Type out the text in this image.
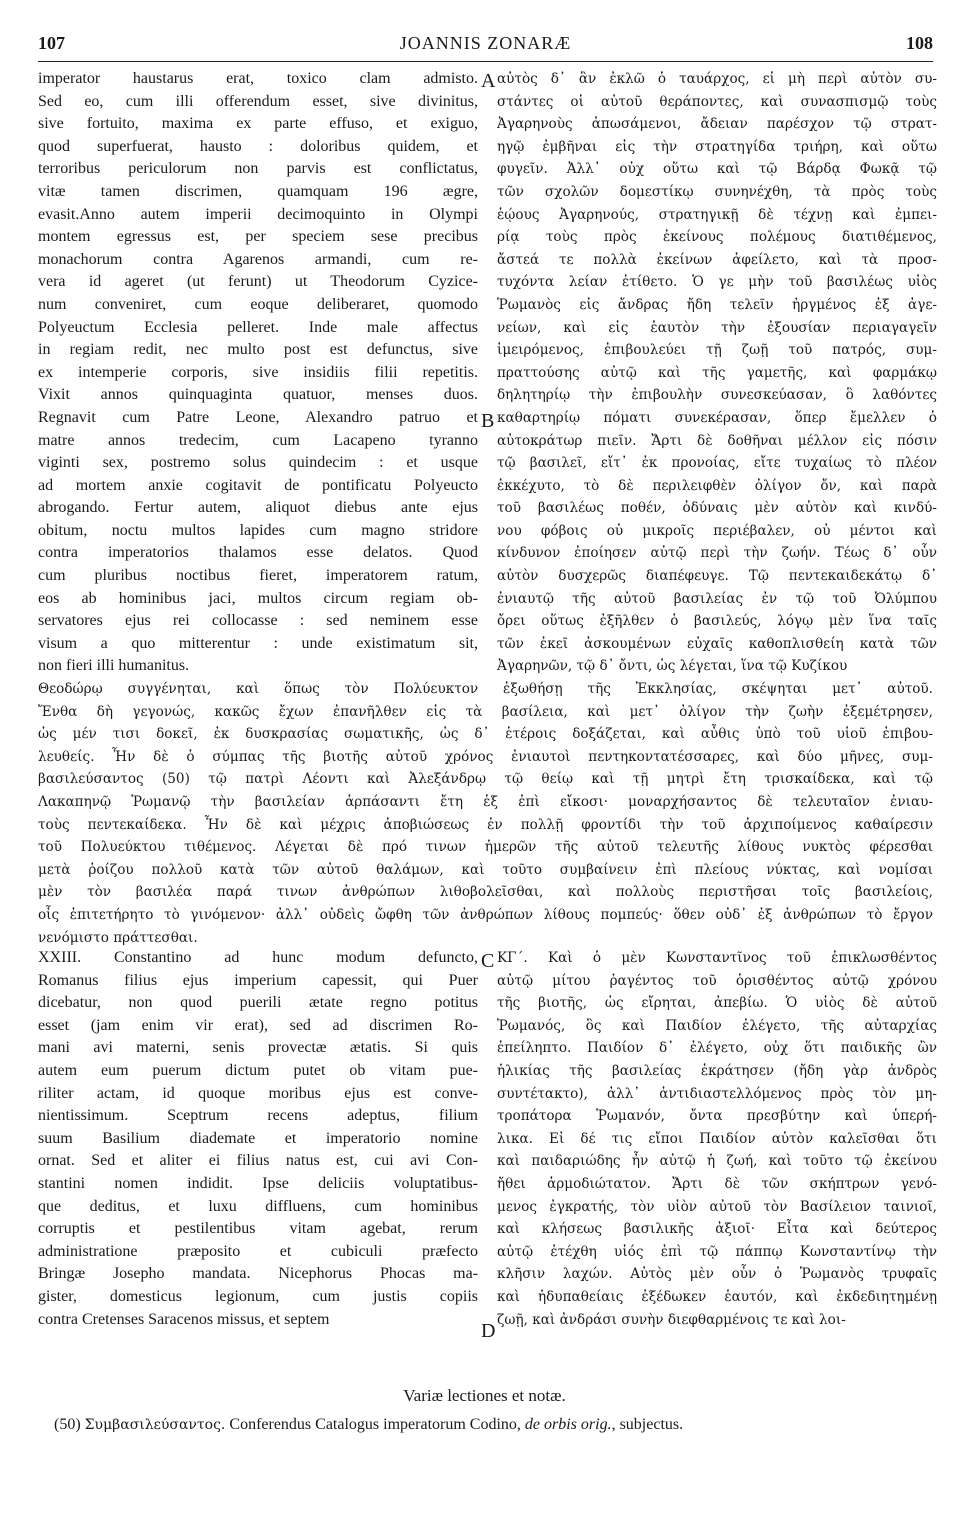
107	JOANNIS ZONARÆ	108

imperator haustarus erat, toxico clam admisto.

Sed eo, cum illi offerendum esset, sive divinitus,

sive fortuito, maxima ex parte effuso, et exiguo,

quod superfuerat, hausto : doloribus quidem, et

terroribus periculorum non parvis est conflictatus,

vitæ tamen discrimen, quamquam 196 ægre,

evasit.Anno autem imperii decimoquinto in Olympi

montem egressus est, per speciem sese precibus

monachorum contra Agarenos armandi, cum re-

vera id ageret (ut ferunt) ut Theodorum Cyzice-

num conveniret, cum eoque deliberaret, quomodo

Polyeuctum Ecclesia pelleret. Inde male affectus

in regiam redit, nec multo post est defunctus, sive

ex intemperie corporis, sive insidiis filii repetitis.

Vixit annos quinquaginta quatuor, menses duos.

Regnavit cum Patre Leone, Alexandro patruo et

matre annos tredecim, cum Lacapeno tyranno

viginti sex, postremo solus quindecim : et usque

ad mortem anxie cogitavit de pontificatu Polyeucto

abrogando. Fertur autem, aliquot diebus ante ejus

obitum, noctu multos lapides cum magno stridore

contra imperatorios thalamos esse delatos. Quod

cum pluribus noctibus fieret, imperatorem ratum,

eos ab hominibus jaci, multos circum regiam ob-

servatores ejus rei collocasse : sed neminem esse

visum a quo mitterentur : unde existimatum sit,

non fieri illi humanitus.

αὐτὸς δ᾽ ἂν ἐκλῶ ὁ ταυάρχος, εἰ μὴ περὶ αὐτὸν συ-

στάντες οἱ αὐτοῦ θεράποντες, καὶ συνασπισμῷ τοὺς

Ἀγαρηνοὺς ἀπωσάμενοι, ἄδειαν παρέσχον τῷ στρατ-

ηγῷ ἐμβῆναι εἰς τὴν στρατηγίδα τριήρη, καὶ οὕτω

φυγεῖν. Ἀλλ᾽ οὐχ οὕτω καὶ τῷ Βάρδᾳ Φωκᾷ τῷ

τῶν σχολῶν δομεστίκῳ συνηνέχθη, τὰ πρὸς τοὺς

ἑῴους Ἀγαρηνούς, στρατηγικῇ δὲ τέχνῃ καὶ ἐμπει-

ρίᾳ τοὺς πρὸς ἐκείνους πολέμους διατιθέμενος,

ἄστεά τε πολλὰ ἐκείνων ἀφείλετο, καὶ τὰ προσ-

τυχόντα λείαν ἐτίθετο. Ὁ γε μὴν τοῦ βασιλέως υἱὸς

Ῥωμανὸς εἰς ἄνδρας ἤδη τελεῖν ἠργμένος ἐξ ἀγε-

νείων, καὶ εἰς ἑαυτὸν τὴν ἐξουσίαν περιαγαγεῖν

ἱμειρόμενος, ἐπιβουλεύει τῇ ζωῇ τοῦ πατρός, συμ-

πραττούσης αὐτῷ καὶ τῆς γαμετῆς, καὶ φαρμάκῳ

δηλητηρίῳ τὴν ἐπιβουλὴν συνεσκεύασαν, ὃ λαθόντες

καθαρτηρίῳ πόματι συνεκέρασαν, ὅπερ ἔμελλεν ὁ

αὐτοκράτωρ πιεῖν. Ἄρτι δὲ δοθῆναι μέλλον εἰς πόσιν

τῷ βασιλεῖ, εἴτ᾽ ἐκ προνοίας, εἴτε τυχαίως τὸ πλέον

ἐκκέχυτο, τὸ δὲ περιλειφθὲν ὀλίγον ὄν, καὶ παρὰ

τοῦ βασιλέως ποθέν, ὀδύναις μὲν αὐτὸν καὶ κινδύ-

νου φόβοις οὐ μικροῖς περιέβαλεν, οὐ μέντοι καὶ

κίνδυνον ἐποίησεν αὐτῷ περὶ τὴν ζωήν. Τέως δ᾽ οὖν

αὐτὸν δυσχερῶς διαπέφευγε. Τῷ πεντεκαιδεκάτῳ δ᾽

ἐνιαυτῷ τῆς αὐτοῦ βασιλείας ἐν τῷ τοῦ Ὀλύμπου

ὄρει οὕτως ἐξῆλθεν ὁ βασιλεύς, λόγῳ μὲν ἵνα ταῖς

τῶν ἐκεῖ ἀσκουμένων εὐχαῖς καθοπλισθείη κατὰ τῶν

Ἀγαρηνῶν, τῷ δ᾽ ὄντι, ὡς λέγεται, ἵνα τῷ Κυζίκου

Θεοδώρῳ συγγένηται, καὶ ὅπως τὸν Πολύευκτον ἐξωθήσῃ τῆς Ἐκκλησίας, σκέψηται μετ᾽ αὐτοῦ.

Ἔνθα δὴ γεγονώς, κακῶς ἔχων ἐπανῆλθεν εἰς τὰ βασίλεια, καὶ μετ᾽ ὀλίγον τὴν ζωὴν ἐξεμέτρησεν,

ὡς μέν τισι δοκεῖ, ἐκ δυσκρασίας σωματικῆς, ὡς δ᾽ ἑτέροις δοξάζεται, καὶ αὖθις ὑπὸ τοῦ υἱοῦ ἐπιβου-

λευθείς. Ἦν δὲ ὁ σύμπας τῆς βιοτῆς αὐτοῦ χρόνος ἐνιαυτοὶ πεντηκοντατέσσαρες, καὶ δύο μῆνες, συμ-

βασιλεύσαντος (50) τῷ πατρὶ Λέοντι καὶ Ἀλεξάνδρῳ τῷ θείῳ καὶ τῇ μητρὶ ἔτη τρισκαίδεκα, καὶ τῷ

Λακαπηνῷ Ῥωμανῷ τὴν βασιλείαν ἁρπάσαντι ἔτη ἑξ ἐπὶ εἴκοσι· μοναρχήσαντος δὲ τελευταῖον ἐνιαυ-

τοὺς πεντεκαίδεκα. Ἦν δὲ καὶ μέχρις ἀποβιώσεως ἐν πολλῇ φροντίδι τὴν τοῦ ἀρχιποίμενος καθαίρεσιν

τοῦ Πολυεύκτου τιθέμενος. Λέγεται δὲ πρό τινων ἡμερῶν τῆς αὐτοῦ τελευτῆς λίθους νυκτὸς φέρεσθαι

μετὰ ῥοίζου πολλοῦ κατὰ τῶν αὐτοῦ θαλάμων, καὶ τοῦτο συμβαίνειν ἐπὶ πλείους νύκτας, καὶ νομίσαι

μὲν τὸν βασιλέα παρά τινων ἀνθρώπων λιθοβολεῖσθαι, καὶ πολλοὺς περιστῆσαι τοῖς βασιλείοις,

οἷς ἐπιτετήρητο τὸ γινόμενον· ἀλλ᾽ οὐδεὶς ὤφθη τῶν ἀνθρώπων λίθους πομπεύς· ὅθεν οὐδ᾽ ἐξ ἀνθρώπων τὸ ἔργον

νενόμιστο πράττεσθαι.

XXIII. Constantino ad hunc modum defuncto,

Romanus filius ejus imperium capessit, qui Puer

dicebatur, non quod puerili ætate regno potitus

esset (jam enim vir erat), sed ad discrimen Ro-

mani avi materni, senis provectæ ætatis. Si quis

autem eum puerum dictum putet ob vitam pue-

riliter actam, id quoque moribus ejus est conve-

nientissimum. Sceptrum recens adeptus, filium

suum Basilium diademate et imperatorio nomine

ornat. Sed et aliter ei filius natus est, cui avi Con-

stantini nomen indidit. Ipse deliciis voluptatibus-

que deditus, et luxu diffluens, cum hominibus

corruptis et pestilentibus vitam agebat, rerum

administratione præposito et cubiculi præfecto

Bringæ Josepho mandata. Nicephorus Phocas ma-

gister, domesticus legionum, cum justis copiis

contra Cretenses Saracenos missus, et septem

ΚΓ΄. Καὶ ὁ μὲν Κωνσταντῖνος τοῦ ἐπικλωσθέντος

αὐτῷ μίτου ῥαγέντος τοῦ ὁρισθέντος αὐτῷ χρόνου

τῆς βιοτῆς, ὡς εἴρηται, ἀπεβίω. Ὁ υἱὸς δὲ αὐτοῦ

Ῥωμανός, ὃς καὶ Παιδίον ἐλέγετο, τῆς αὐταρχίας

ἐπείληπτο. Παιδίον δ᾽ ἐλέγετο, οὐχ ὅτι παιδικῆς ὢν

ἡλικίας τῆς βασιλείας ἐκράτησεν (ἤδη γὰρ ἀνδρὸς

συντέτακτο), ἀλλ᾽ ἀντιδιαστελλόμενος πρὸς τὸν μη-

τροπάτορα Ῥωμανόν, ὄντα πρεσβύτην καὶ ὑπερή-

λικα. Εἰ δέ τις εἴποι Παιδίον αὐτὸν καλεῖσθαι ὅτι

καὶ παιδαριώδης ἦν αὐτῷ ἡ ζωή, καὶ τοῦτο τῷ ἐκείνου

ἤθει ἁρμοδιώτατον. Ἄρτι δὲ τῶν σκήπτρων γενό-

μενος ἐγκρατής, τὸν υἱὸν αὐτοῦ τὸν Βασίλειον ταινιοῖ,

καὶ κλήσεως βασιλικῆς ἀξιοῖ· Εἶτα καὶ δεύτερος

αὐτῷ ἐτέχθη υἱός ἐπὶ τῷ πάππῳ Κωνσταντίνῳ τὴν

κλῆσιν λαχών. Αὐτὸς μὲν οὖν ὁ Ῥωμανὸς τρυφαῖς

καὶ ἡδυπαθείαις ἐξέδωκεν ἑαυτόν, καὶ ἐκδεδιητημένῃ

ζωῇ, καὶ ἀνδράσι συνὴν διεφθαρμένοις τε καὶ λοι-

A
B
C
D
Variæ lectiones et notæ.
(50) Συμβασιλεύσαντος. Conferendus Catalogus imperatorum Codino, de orbis orig., subjectus.
